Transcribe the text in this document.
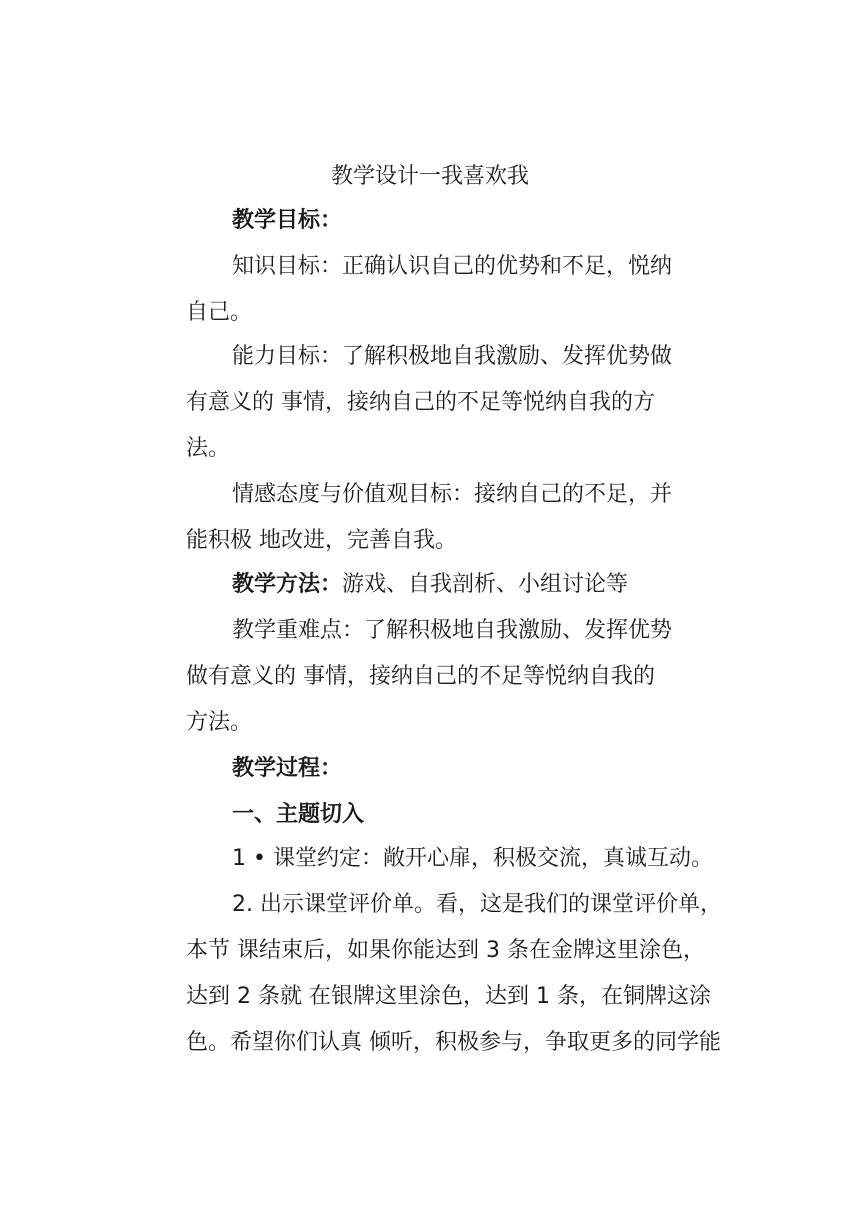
教学设计一我喜欢我
教学目标：
知识目标：正确认识自己的优势和不足，悦纳
自己。
能力目标：了解积极地自我激励、发挥优势做
有意义的 事情，接纳自己的不足等悦纳自我的方
法。
情感态度与价值观目标：接纳自己的不足，并
能积极 地改进，完善自我。
教学方法：游戏、自我剖析、小组讨论等
教学重难点：了解积极地自我激励、发挥优势
做有意义的 事情，接纳自己的不足等悦纳自我的
方法。
教学过程：
一、主题切入
1 • 课堂约定：敞开心扉，积极交流，真诚互动。
2. 出示课堂评价单。看，这是我们的课堂评价单，
本节 课结束后，如果你能达到 3 条在金牌这里涂色，
达到 2 条就 在银牌这里涂色，达到 1 条，在铜牌这涂
色。希望你们认真 倾听，积极参与，争取更多的同学能
